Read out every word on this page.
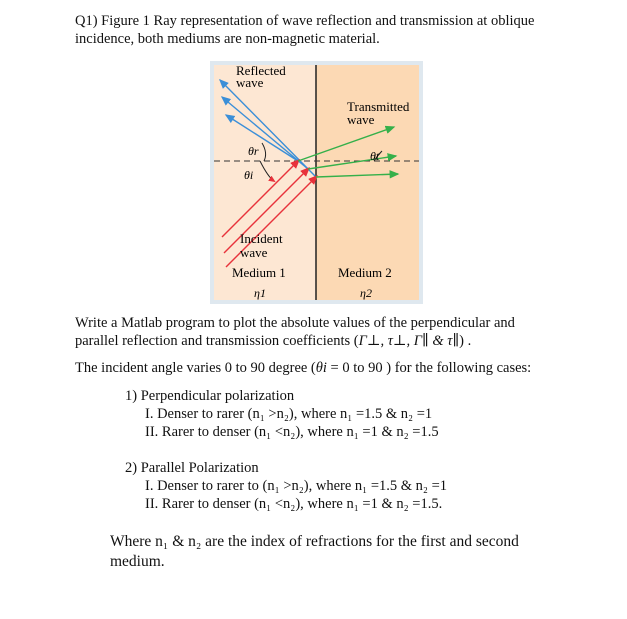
Q1) Figure 1 Ray representation of wave reflection and transmission at oblique
incidence, both mediums are non-magnetic material.
Reflected
wave
Transmitted
wave
θr
θi
θt
Incident
wave
Medium 1	Medium 2
η1	η2
Write a Matlab program to plot the absolute values of the perpendicular and
parallel reflection and transmission coefficients (Γ⊥, τ⊥, Γ∥ & τ∥) .
The incident angle varies 0 to 90 degree (θi = 0 to 90 ) for the following cases:
1) Perpendicular polarization
I. Denser to rarer (n₁ >n₂), where n₁ =1.5 & n₂ =1
II. Rarer to denser (n₁ <n₂), where n₁ =1 & n₂ =1.5
2) Parallel Polarization
I. Denser to rarer to (n₁ >n₂), where n₁ =1.5 & n₂ =1
II. Rarer to denser (n₁ <n₂), where n₁ =1 & n₂ =1.5.
Where n₁ & n₂ are the index of refractions for the first and second
medium.
